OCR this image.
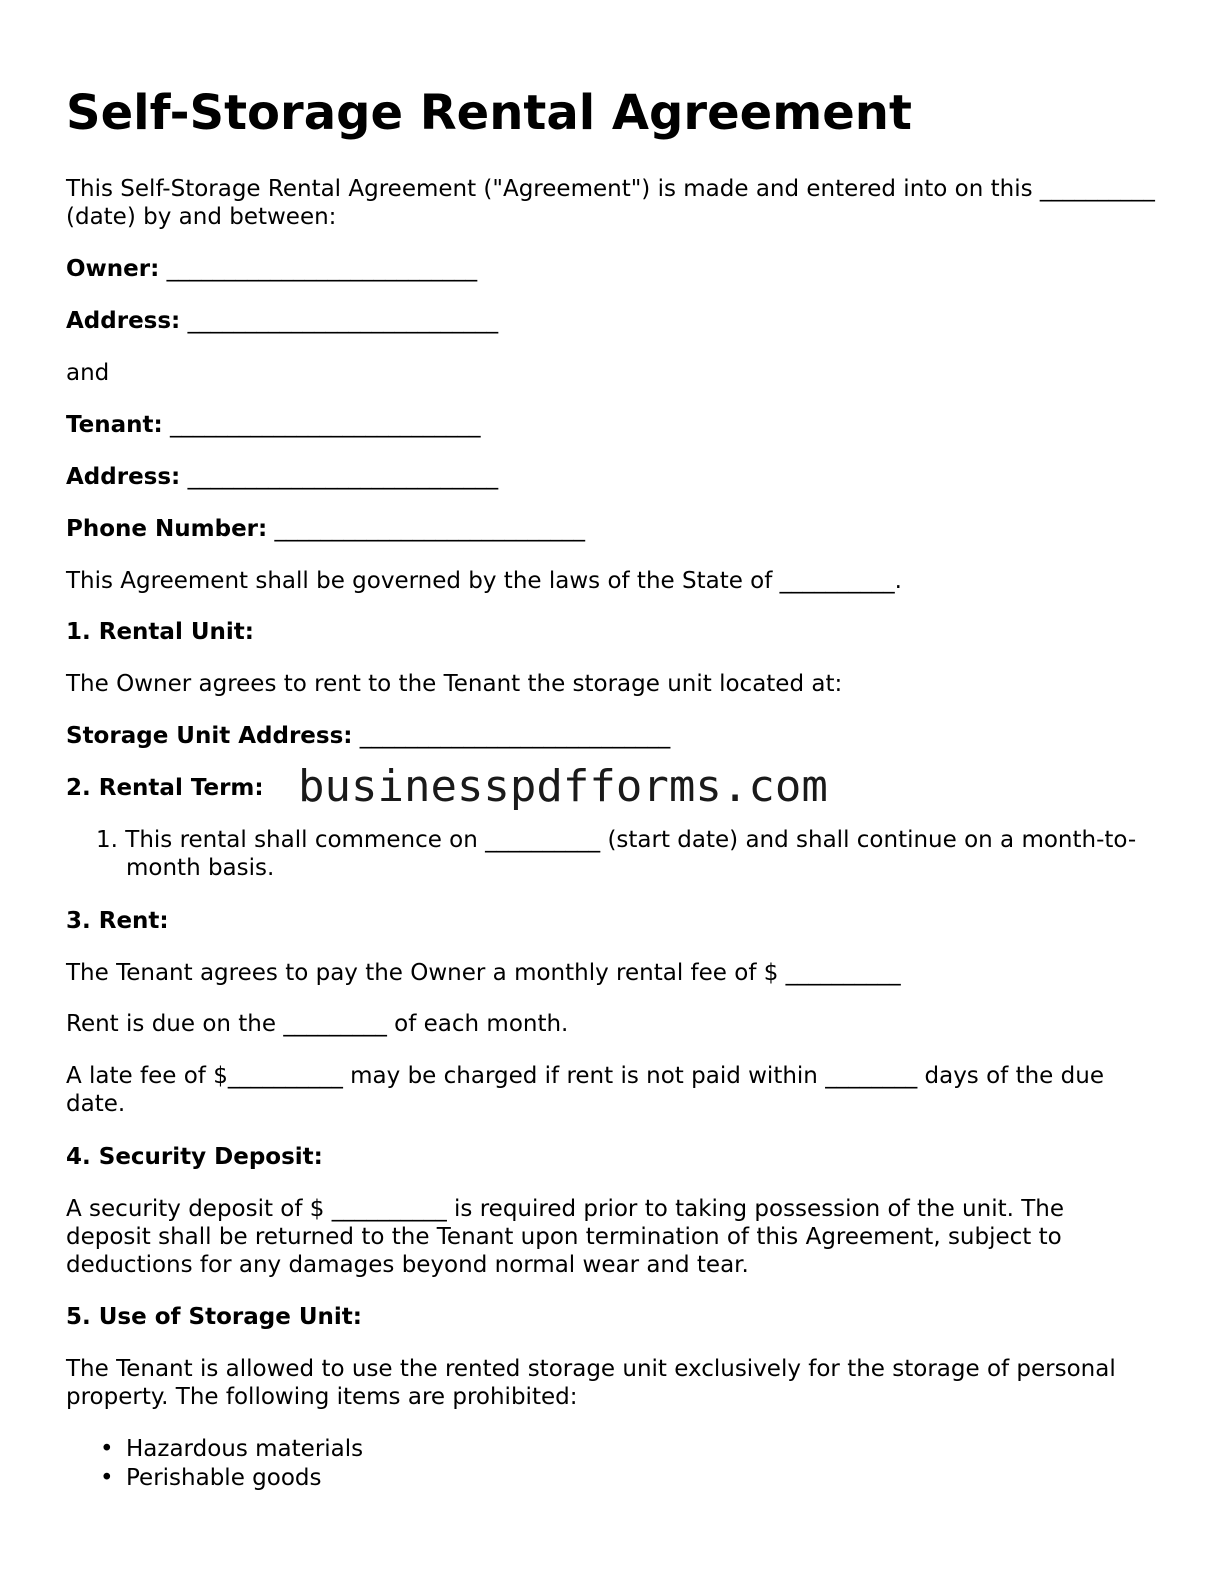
Self-Storage Rental Agreement

This Self-Storage Rental Agreement ("Agreement") is made and entered into on this __________ (date) by and between:

Owner: ___________________________

Address: ___________________________

and

Tenant: ___________________________

Address: ___________________________

Phone Number: ___________________________

This Agreement shall be governed by the laws of the State of __________.

1. Rental Unit:

The Owner agrees to rent to the Tenant the storage unit located at:

Storage Unit Address: ___________________________

2. Rental Term:

1. This rental shall commence on __________ (start date) and shall continue on a month-to-month basis.

3. Rent:

The Tenant agrees to pay the Owner a monthly rental fee of $ __________

Rent is due on the _________ of each month.

A late fee of $__________ may be charged if rent is not paid within ________ days of the due date.

4. Security Deposit:

A security deposit of $ __________ is required prior to taking possession of the unit. The deposit shall be returned to the Tenant upon termination of this Agreement, subject to deductions for any damages beyond normal wear and tear.

5. Use of Storage Unit:

The Tenant is allowed to use the rented storage unit exclusively for the storage of personal property. The following items are prohibited:

• Hazardous materials

• Perishable goods

businesspdfforms.com
